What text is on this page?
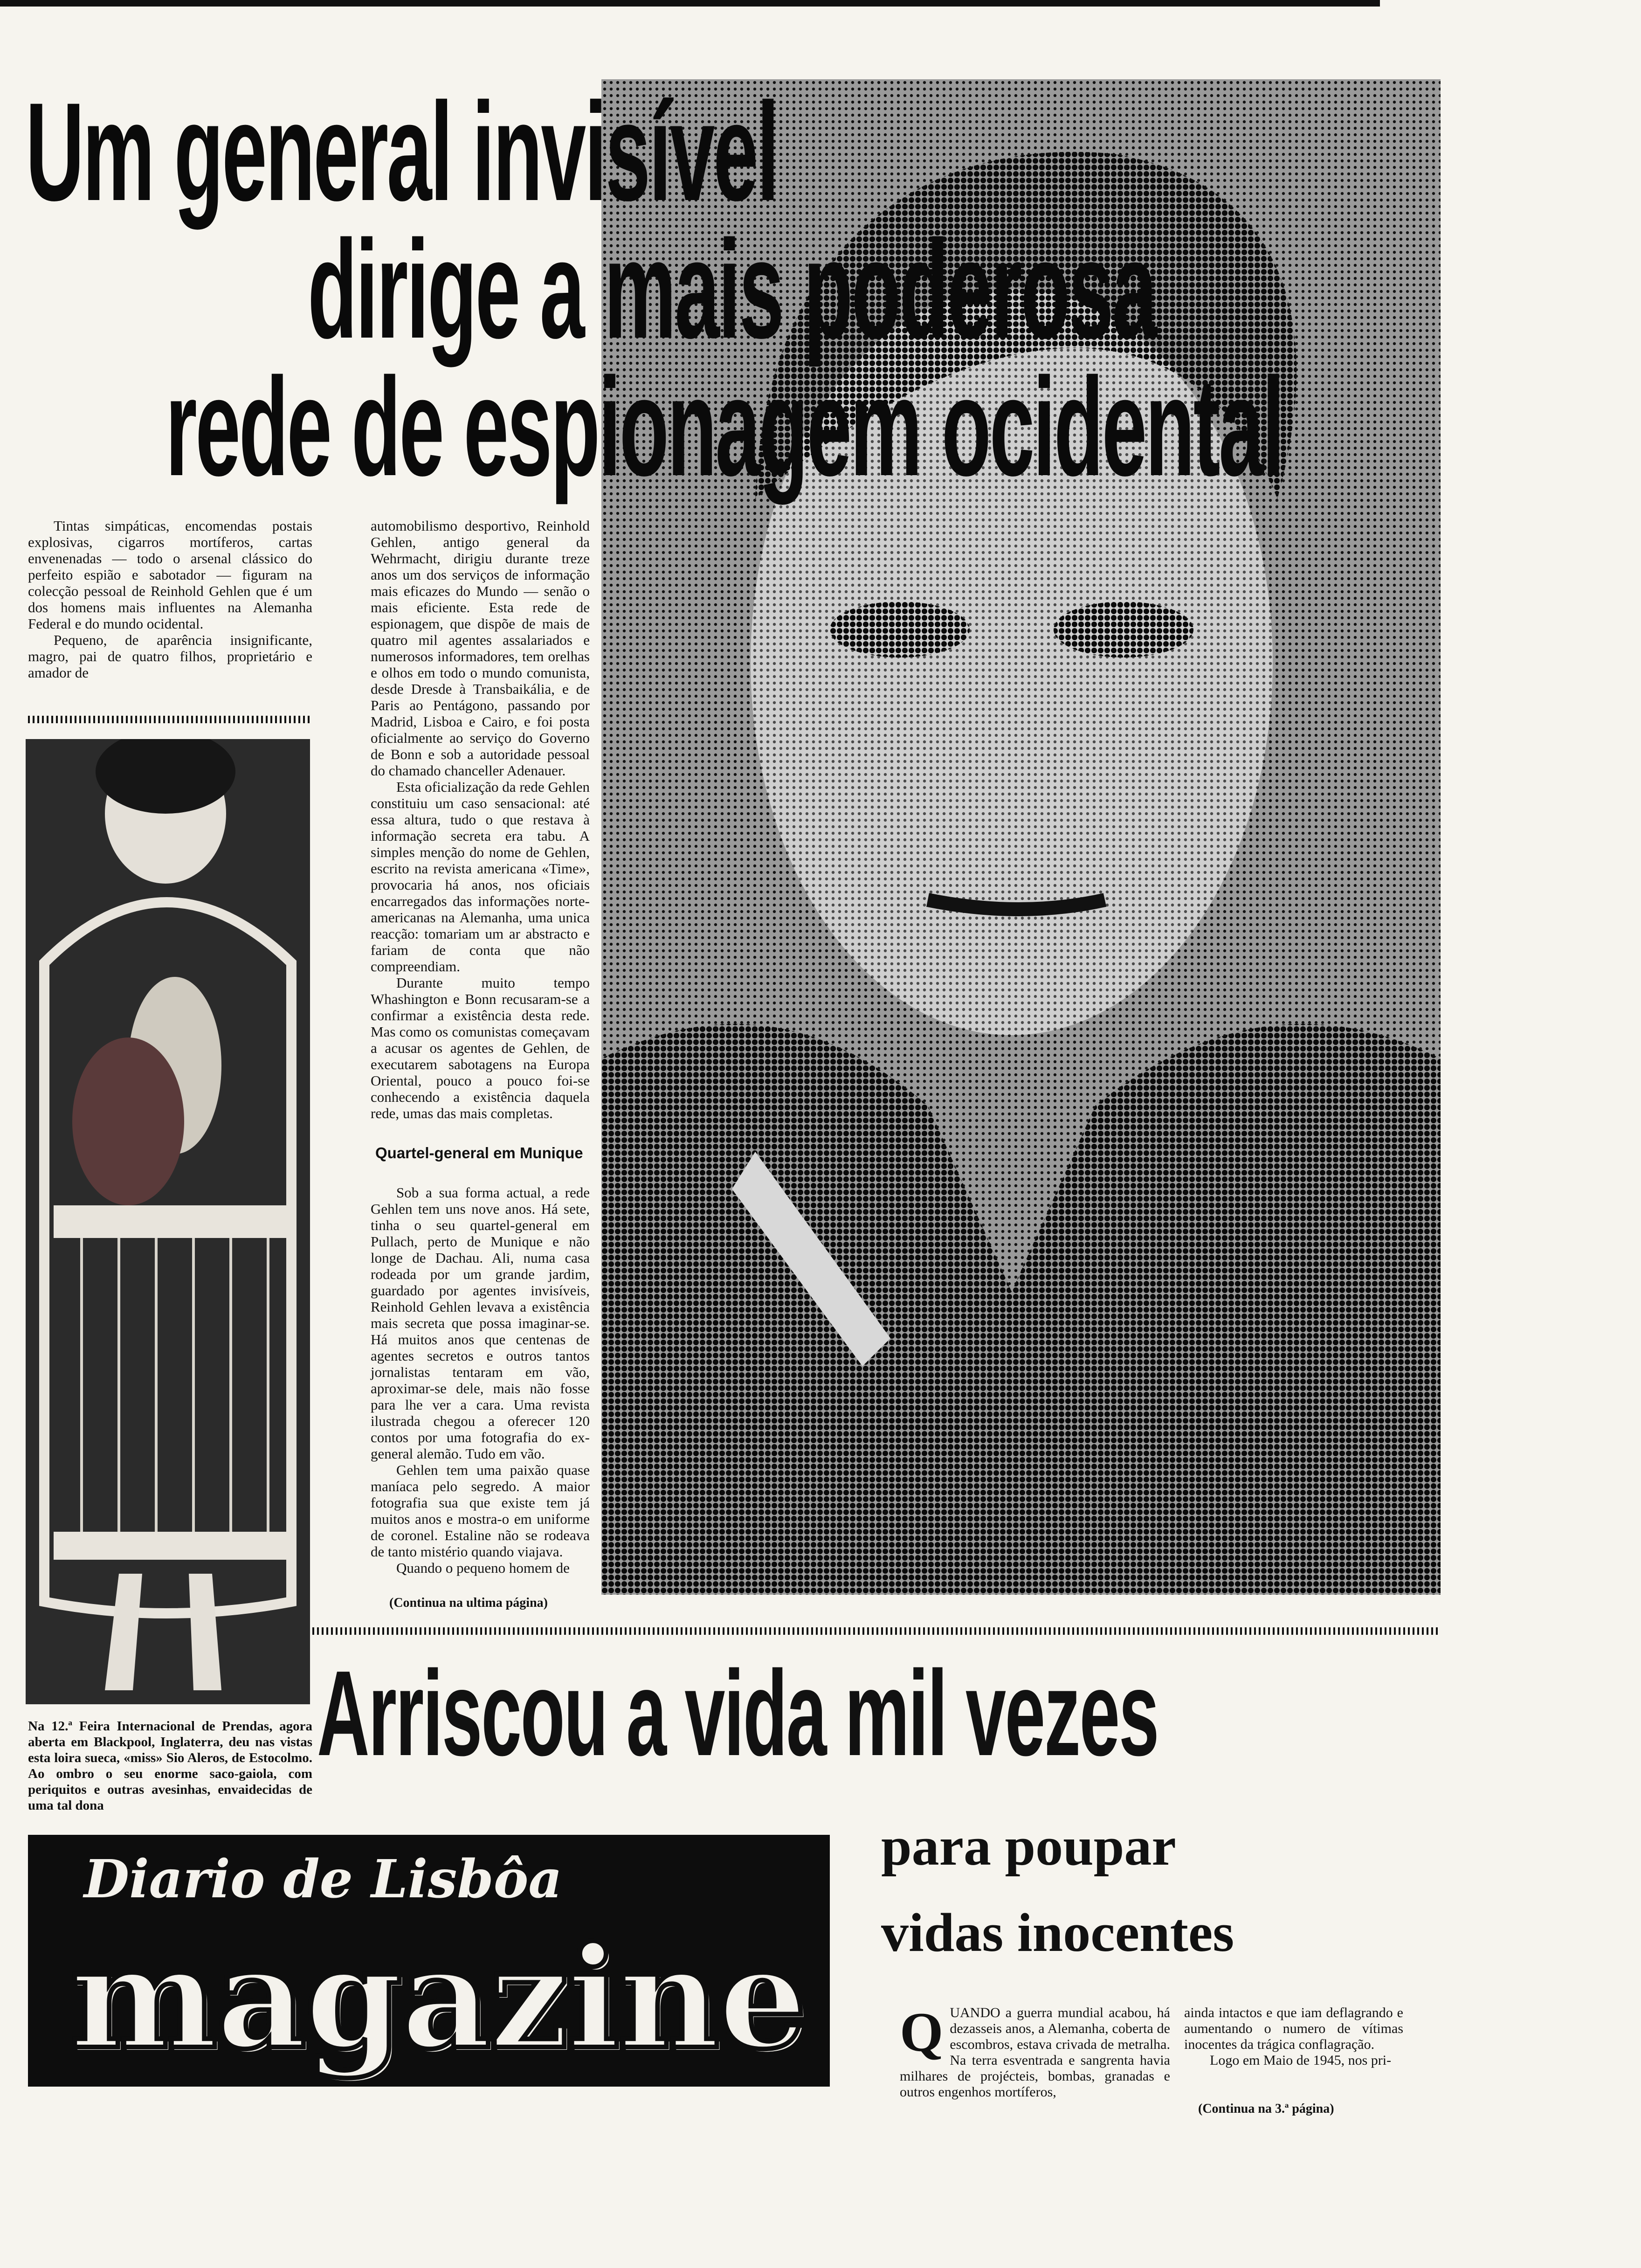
Um general invisível
dirige a mais poderosa
rede de espionagem ocidental

Tintas simpáticas, encomendas postais explosivas, cigarros mortíferos, cartas envenenadas — todo o arsenal clássico do perfeito espião e sabotador — figuram na colecção pessoal de Reinhold Gehlen que é um dos homens mais influentes na Alemanha Federal e do mundo ocidental.

Pequeno, de aparência insignificante, magro, pai de quatro filhos, proprietário e amador de

Na 12.ª Feira Internacional de Prendas, agora aberta em Blackpool, Inglaterra, deu nas vistas esta loira sueca, «miss» Sio Aleros, de Estocolmo. Ao ombro o seu enorme saco-gaiola, com periquitos e outras avesinhas, envaidecidas de uma tal dona

automobilismo desportivo, Reinhold Gehlen, antigo general da Wehrmacht, dirigiu durante treze anos um dos serviços de informação mais eficazes do Mundo — senão o mais eficiente. Esta rede de espionagem, que dispõe de mais de quatro mil agentes assalariados e numerosos informadores, tem orelhas e olhos em todo o mundo comunista, desde Dresde à Transbaikália, e de Paris ao Pentágono, passando por Madrid, Lisboa e Cairo, e foi posta oficialmente ao serviço do Governo de Bonn e sob a autoridade pessoal do chamado chanceller Adenauer.

Esta oficialização da rede Gehlen constituiu um caso sensacional: até essa altura, tudo o que restava à informação secreta era tabu. A simples menção do nome de Gehlen, escrito na revista americana «Time», provocaria há anos, nos oficiais encarregados das informações norte-americanas na Alemanha, uma unica reacção: tomariam um ar abstracto e fariam de conta que não compreendiam.

Durante muito tempo Whashington e Bonn recusaram-se a confirmar a existência desta rede. Mas como os comunistas começavam a acusar os agentes de Gehlen, de executarem sabotagens na Europa Oriental, pouco a pouco foi-se conhecendo a existência daquela rede, umas das mais completas.

Quartel-general em Munique

Sob a sua forma actual, a rede Gehlen tem uns nove anos. Há sete, tinha o seu quartel-general em Pullach, perto de Munique e não longe de Dachau. Ali, numa casa rodeada por um grande jardim, guardado por agentes invisíveis, Reinhold Gehlen levava a existência mais secreta que possa imaginar-se. Há muitos anos que centenas de agentes secretos e outros tantos jornalistas tentaram em vão, aproximar-se dele, mais não fosse para lhe ver a cara. Uma revista ilustrada chegou a oferecer 120 contos por uma fotografia do ex-general alemão. Tudo em vão.

Gehlen tem uma paixão quase maníaca pelo segredo. A maior fotografia sua que existe tem já muitos anos e mostra-o em uniforme de coronel. Estaline não se rodeava de tanto mistério quando viajava.

Quando o pequeno homem de

(Continua na ultima página)
Arriscou a vida mil vezes
para poupar
vidas inocentes
Diario de Lisbôa
magazine Q UANDO a guerra mundial acabou, há dezasseis anos, a Alemanha, coberta de escombros, estava crivada de metralha. Na terra esventrada e sangrenta havia milhares de projécteis, bombas, granadas e outros engenhos mortíferos,

ainda intactos e que iam deflagrando e aumentando o numero de vítimas inocentes da trágica conflagração.

Logo em Maio de 1945, nos pri-

(Continua na 3.ª página)
